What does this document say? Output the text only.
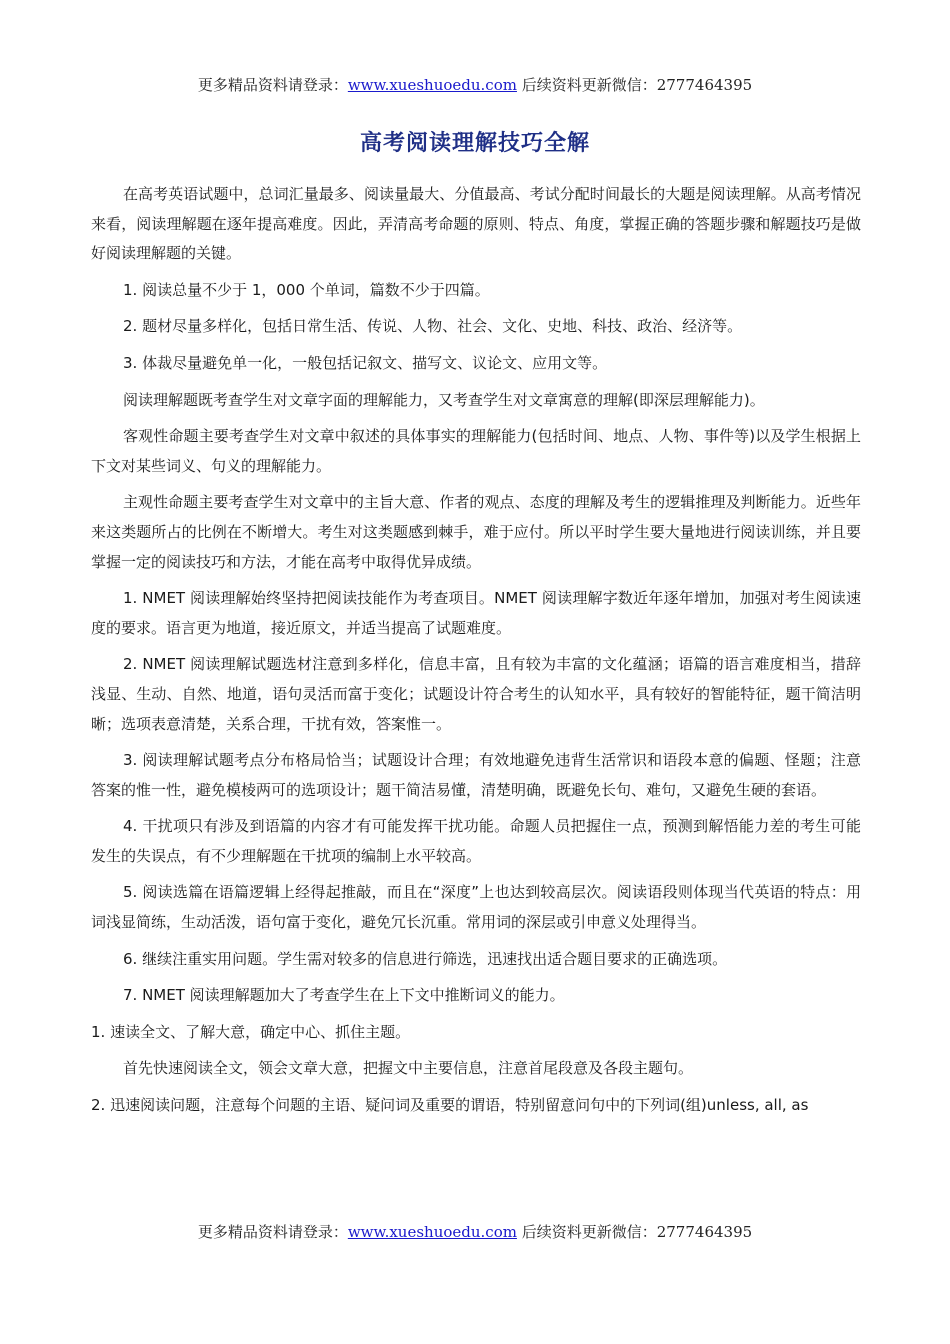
更多精品资料请登录：www.xueshuoedu.com 后续资料更新微信：2777464395
高考阅读理解技巧全解

在高考英语试题中，总词汇量最多、阅读量最大、分值最高、考试分配时间最长的大题是阅读理解。从高考情况来看，阅读理解题在逐年提高难度。因此，弄清高考命题的原则、特点、角度，掌握正确的答题步骤和解题技巧是做好阅读理解题的关键。

1. 阅读总量不少于 1，000 个单词，篇数不少于四篇。

2. 题材尽量多样化，包括日常生活、传说、人物、社会、文化、史地、科技、政治、经济等。

3. 体裁尽量避免单一化，一般包括记叙文、描写文、议论文、应用文等。

阅读理解题既考查学生对文章字面的理解能力，又考查学生对文章寓意的理解(即深层理解能力)。

客观性命题主要考查学生对文章中叙述的具体事实的理解能力(包括时间、地点、人物、事件等)以及学生根据上下文对某些词义、句义的理解能力。

主观性命题主要考查学生对文章中的主旨大意、作者的观点、态度的理解及考生的逻辑推理及判断能力。近些年来这类题所占的比例在不断增大。考生对这类题感到棘手，难于应付。所以平时学生要大量地进行阅读训练，并且要掌握一定的阅读技巧和方法，才能在高考中取得优异成绩。

1. NMET 阅读理解始终坚持把阅读技能作为考查项目。NMET 阅读理解字数近年逐年增加，加强对考生阅读速度的要求。语言更为地道，接近原文，并适当提高了试题难度。

2. NMET 阅读理解试题选材注意到多样化，信息丰富，且有较为丰富的文化蕴涵；语篇的语言难度相当，措辞浅显、生动、自然、地道，语句灵活而富于变化；试题设计符合考生的认知水平，具有较好的智能特征，题干简洁明晰；选项表意清楚，关系合理，干扰有效，答案惟一。

3. 阅读理解试题考点分布格局恰当；试题设计合理；有效地避免违背生活常识和语段本意的偏题、怪题；注意答案的惟一性，避免模棱两可的选项设计；题干简洁易懂，清楚明确，既避免长句、难句，又避免生硬的套语。

4. 干扰项只有涉及到语篇的内容才有可能发挥干扰功能。命题人员把握住一点，预测到解悟能力差的考生可能发生的失误点，有不少理解题在干扰项的编制上水平较高。

5. 阅读选篇在语篇逻辑上经得起推敲，而且在“深度”上也达到较高层次。阅读语段则体现当代英语的特点：用词浅显简练，生动活泼，语句富于变化，避免冗长沉重。常用词的深层或引申意义处理得当。

6. 继续注重实用问题。学生需对较多的信息进行筛选，迅速找出适合题目要求的正确选项。

7. NMET 阅读理解题加大了考查学生在上下文中推断词义的能力。

1. 速读全文、了解大意，确定中心、抓住主题。

首先快速阅读全文，领会文章大意，把握文中主要信息，注意首尾段意及各段主题句。

2. 迅速阅读问题，注意每个问题的主语、疑问词及重要的谓语，特别留意问句中的下列词(组)unless, all, as

更多精品资料请登录：www.xueshuoedu.com 后续资料更新微信：2777464395
